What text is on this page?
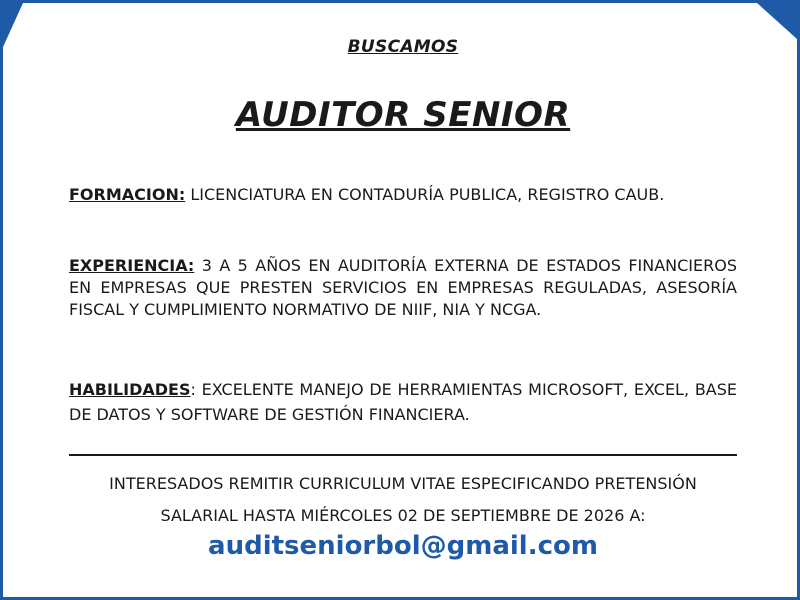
BUSCAMOS
AUDITOR SENIOR
FORMACION: LICENCIATURA EN CONTADURÍA PUBLICA, REGISTRO CAUB.
EXPERIENCIA: 3 A 5 AÑOS EN AUDITORÍA EXTERNA DE ESTADOS FINANCIEROS EN EMPRESAS QUE PRESTEN SERVICIOS EN EMPRESAS REGULADAS, ASESORÍA FISCAL Y CUMPLIMIENTO NORMATIVO DE NIIF, NIA Y NCGA.
HABILIDADES: EXCELENTE MANEJO DE HERRAMIENTAS MICROSOFT, EXCEL, BASE DE DATOS Y SOFTWARE DE GESTIÓN FINANCIERA.
INTERESADOS REMITIR CURRICULUM VITAE ESPECIFICANDO PRETENSIÓN
SALARIAL HASTA MIÉRCOLES 02 DE SEPTIEMBRE DE 2026 A:
auditseniorbol@gmail.com
